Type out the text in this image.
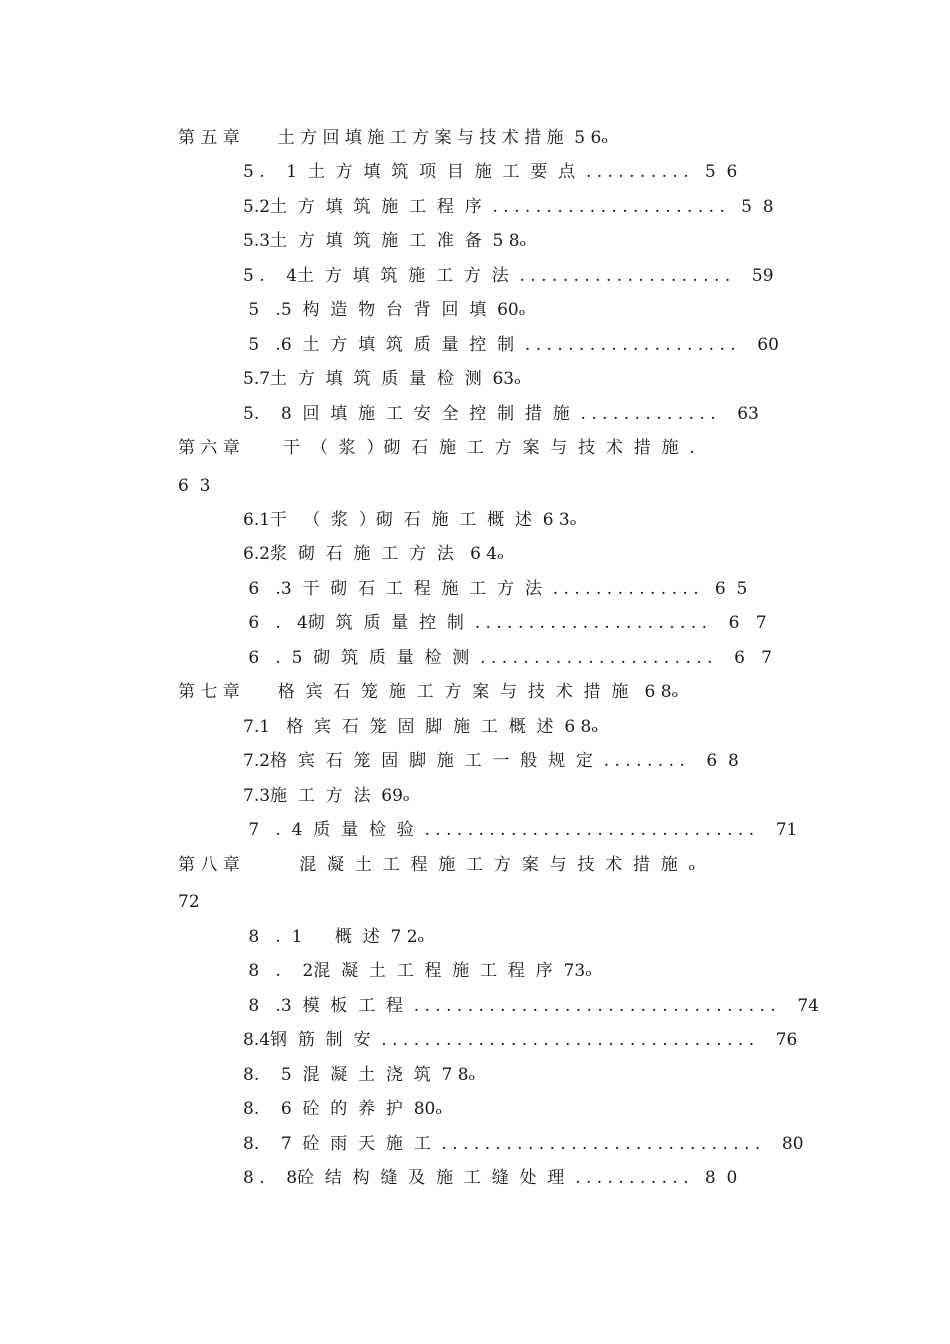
第 五 章       土 方 回 填 施 工 方 案 与 技 术 措 施  5 6ₒ
5 .    1  土  方  填  筑  项  目  施  工  要  点  . . . . . . . . . .   5  6
5.2土  方  填  筑  施  工  程  序  . . . . . . . . . . . . . . . . . . . . . .   5  8
5.3土  方  填  筑  施  工  准  备  5 8ₒ
5 .    4土  方  填  筑  施  工  方  法  . . . . . . . . . . . . . . . . . . . .    59
5   .5  构  造  物  台  背  回  填  60ₒ
5   .6  土  方  填  筑  质  量  控  制  . . . . . . . . . . . . . . . . . . . .    60
5.7土  方  填  筑  质  量  检  测  63ₒ
5.    8  回  填  施  工  安  全  控  制  措  施  . . . . . . . . . . . . .    63
第 六 章        干  （  浆  ）砌  石  施  工  方  案  与  技  术  措  施  .
6  3
6.1干   （  浆  ）砌  石  施  工  概  述  6 3ₒ
6.2浆  砌  石  施  工  方  法   6 4ₒ
6   .3  干  砌  石  工  程  施  工  方  法  . . . . . . . . . . . . . .   6  5
6   .   4砌  筑  质  量  控  制  . . . . . . . . . . . . . . . . . . . . . .    6   7
6   .  5  砌  筑  质  量  检  测  . . . . . . . . . . . . . . . . . . . . . .    6   7
第 七 章       格  宾  石  笼  施  工  方  案  与  技  术  措  施   6 8ₒ
7.1   格  宾  石  笼  固  脚  施  工  概  述  6 8ₒ
7.2格  宾  石  笼  固  脚  施  工  一  般  规  定  . . . . . . . .    6  8
7.3施  工  方  法  69ₒ
7   .  4  质  量  检  验  . . . . . . . . . . . . . . . . . . . . . . . . . . . . . . .    71
第 八 章           混  凝  土  工  程  施  工  方  案  与  技  术  措  施  ₒ
72
8   .  1      概  述  7 2ₒ
8   .    2混  凝  土  工  程  施  工  程  序  73ₒ
8   .3  模  板  工  程  . . . . . . . . . . . . . . . . . . . . . . . . . . . . . . . . . .    74
8.4钢  筋  制  安  . . . . . . . . . . . . . . . . . . . . . . . . . . . . . . . . . . .    76
8.    5  混  凝  土  浇  筑  7 8ₒ
8.    6  砼  的  养  护  80ₒ
8.    7  砼  雨  天  施  工  . . . . . . . . . . . . . . . . . . . . . . . . . . . . . .    80
8 .    8砼  结  构  缝  及  施  工  缝  处  理  . . . . . . . . . . .   8  0
